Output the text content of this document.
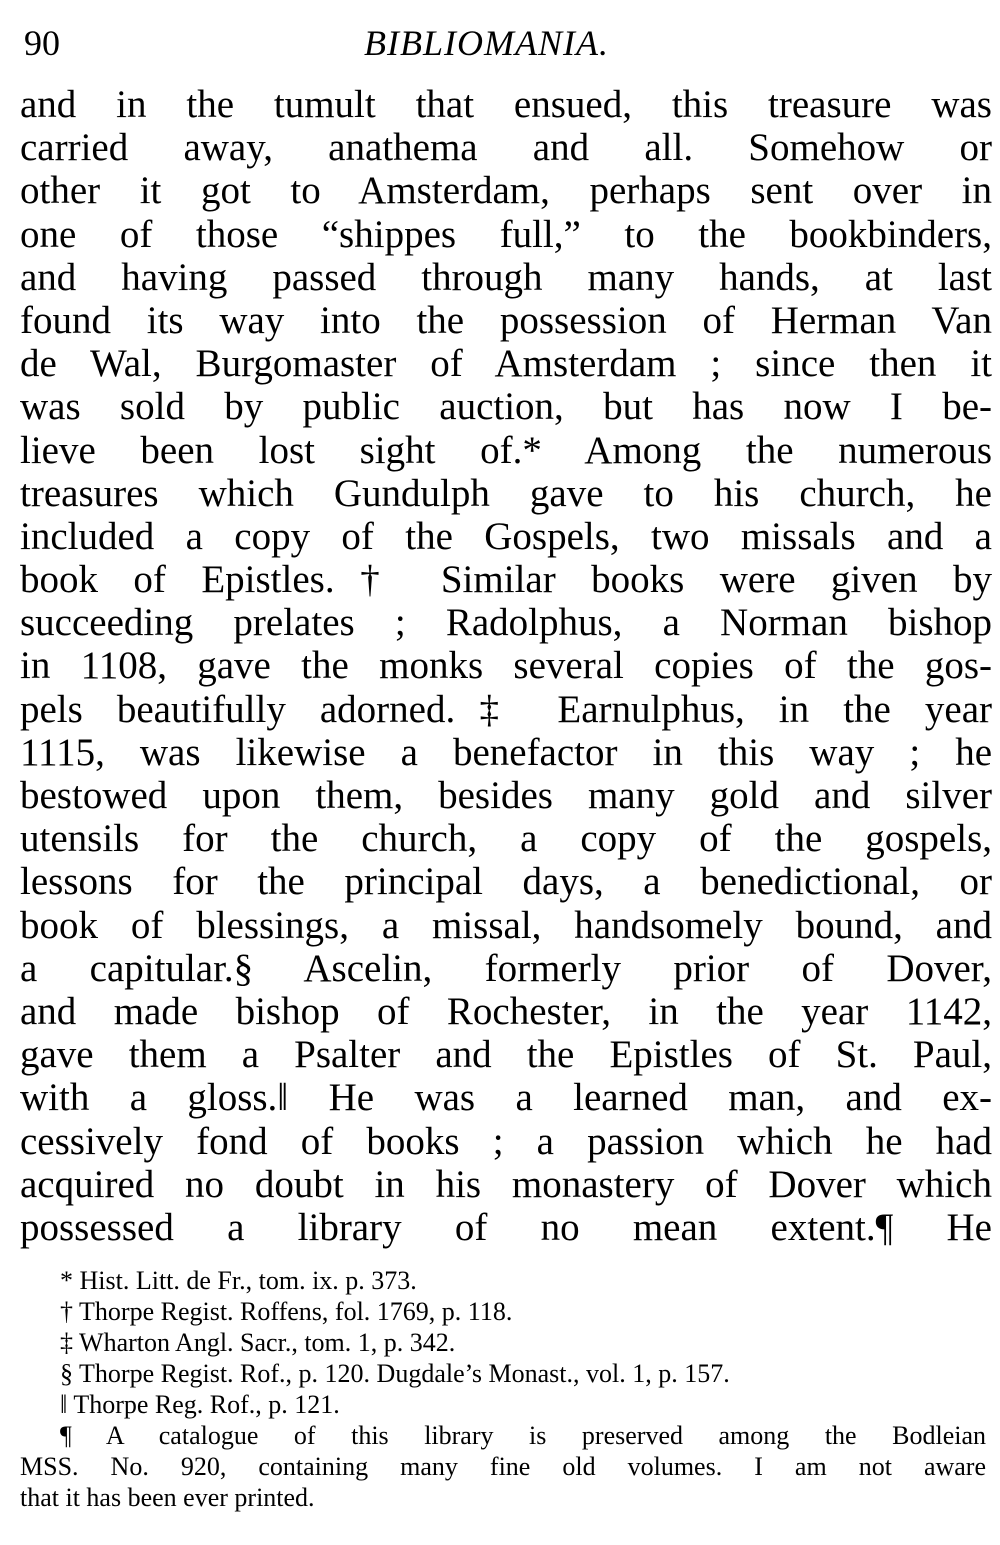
90	BIBLIOMANIA.
and in the tumult that ensued, this treasure was
carried away, anathema and all. Somehow or
other it got to Amsterdam, perhaps sent over in
one of those “shippes full,” to the bookbinders,
and having passed through many hands, at last
found its way into the possession of Herman Van
de Wal, Burgomaster of Amsterdam ; since then it
was sold by public auction, but has now I be-
lieve been lost sight of.* Among the numerous
treasures which Gundulph gave to his church, he
included a copy of the Gospels, two missals and a
book of Epistles.† Similar books were given by
succeeding prelates ; Radolphus, a Norman bishop
in 1108, gave the monks several copies of the gos-
pels beautifully adorned.‡ Earnulphus, in the year
1115, was likewise a benefactor in this way ; he
bestowed upon them, besides many gold and silver
utensils for the church, a copy of the gospels,
lessons for the principal days, a benedictional, or
book of blessings, a missal, handsomely bound, and
a capitular.§ Ascelin, formerly prior of Dover,
and made bishop of Rochester, in the year 1142,
gave them a Psalter and the Epistles of St. Paul,
with a gloss.‖ He was a learned man, and ex-
cessively fond of books ; a passion which he had
acquired no doubt in his monastery of Dover which
possessed a library of no mean extent.¶ He
* Hist. Litt. de Fr., tom. ix. p. 373.
† Thorpe Regist. Roffens, fol. 1769, p. 118.
‡ Wharton Angl. Sacr., tom. 1, p. 342.
§ Thorpe Regist. Rof., p. 120. Dugdale’s Monast., vol. 1, p. 157.
‖ Thorpe Reg. Rof., p. 121.
¶ A catalogue of this library is preserved among the Bodleian
MSS. No. 920, containing many fine old volumes. I am not aware
that it has been ever printed.
